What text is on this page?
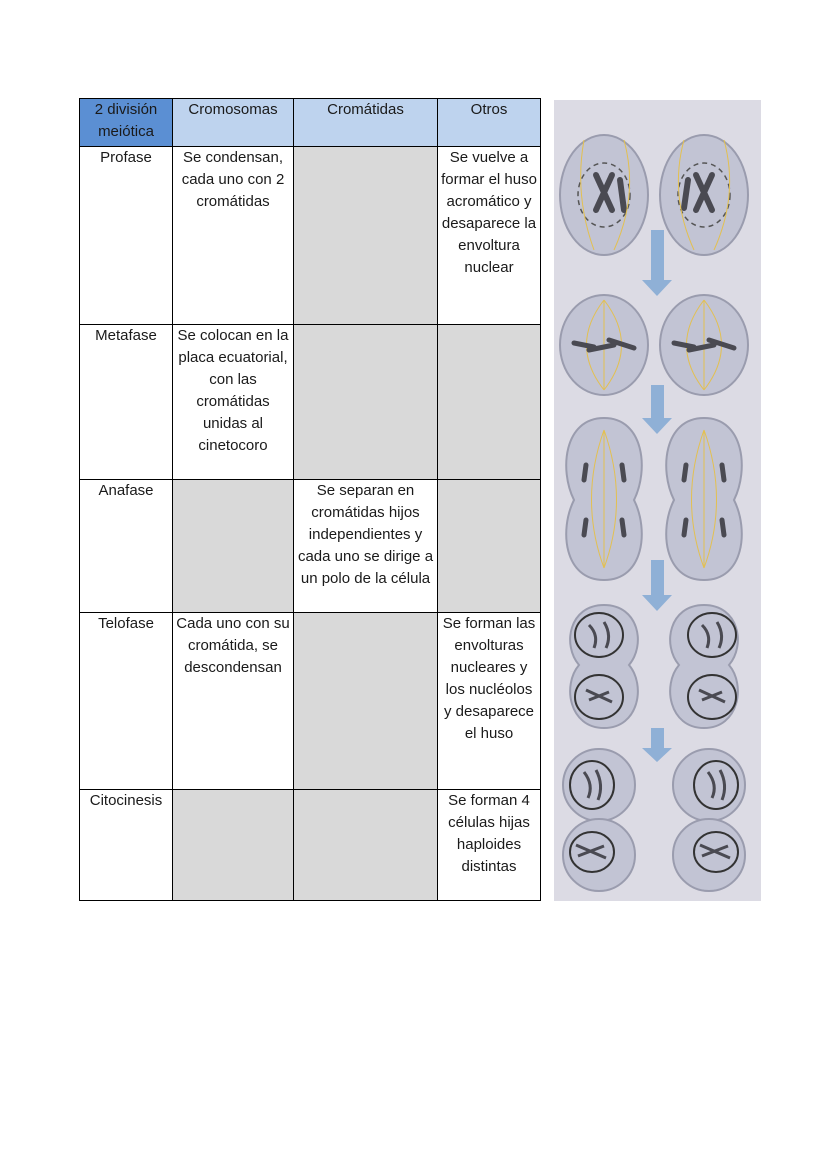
2 división meiótica	Cromosomas	Cromátidas	Otros
Profase	Se condensan, cada uno con 2 cromátidas		Se vuelve a formar el huso acromático y desaparece la envoltura nuclear
Metafase	Se colocan en la placa ecuatorial, con las cromátidas unidas al cinetocoro		
Anafase		Se separan en cromátidas hijos independientes y cada uno se dirige a un polo de la célula	
Telofase	Cada uno con su cromátida, se descondensan		Se forman las envolturas nucleares y los nucléolos y desaparece el huso
Citocinesis			Se forman 4 células hijas haploides distintas
